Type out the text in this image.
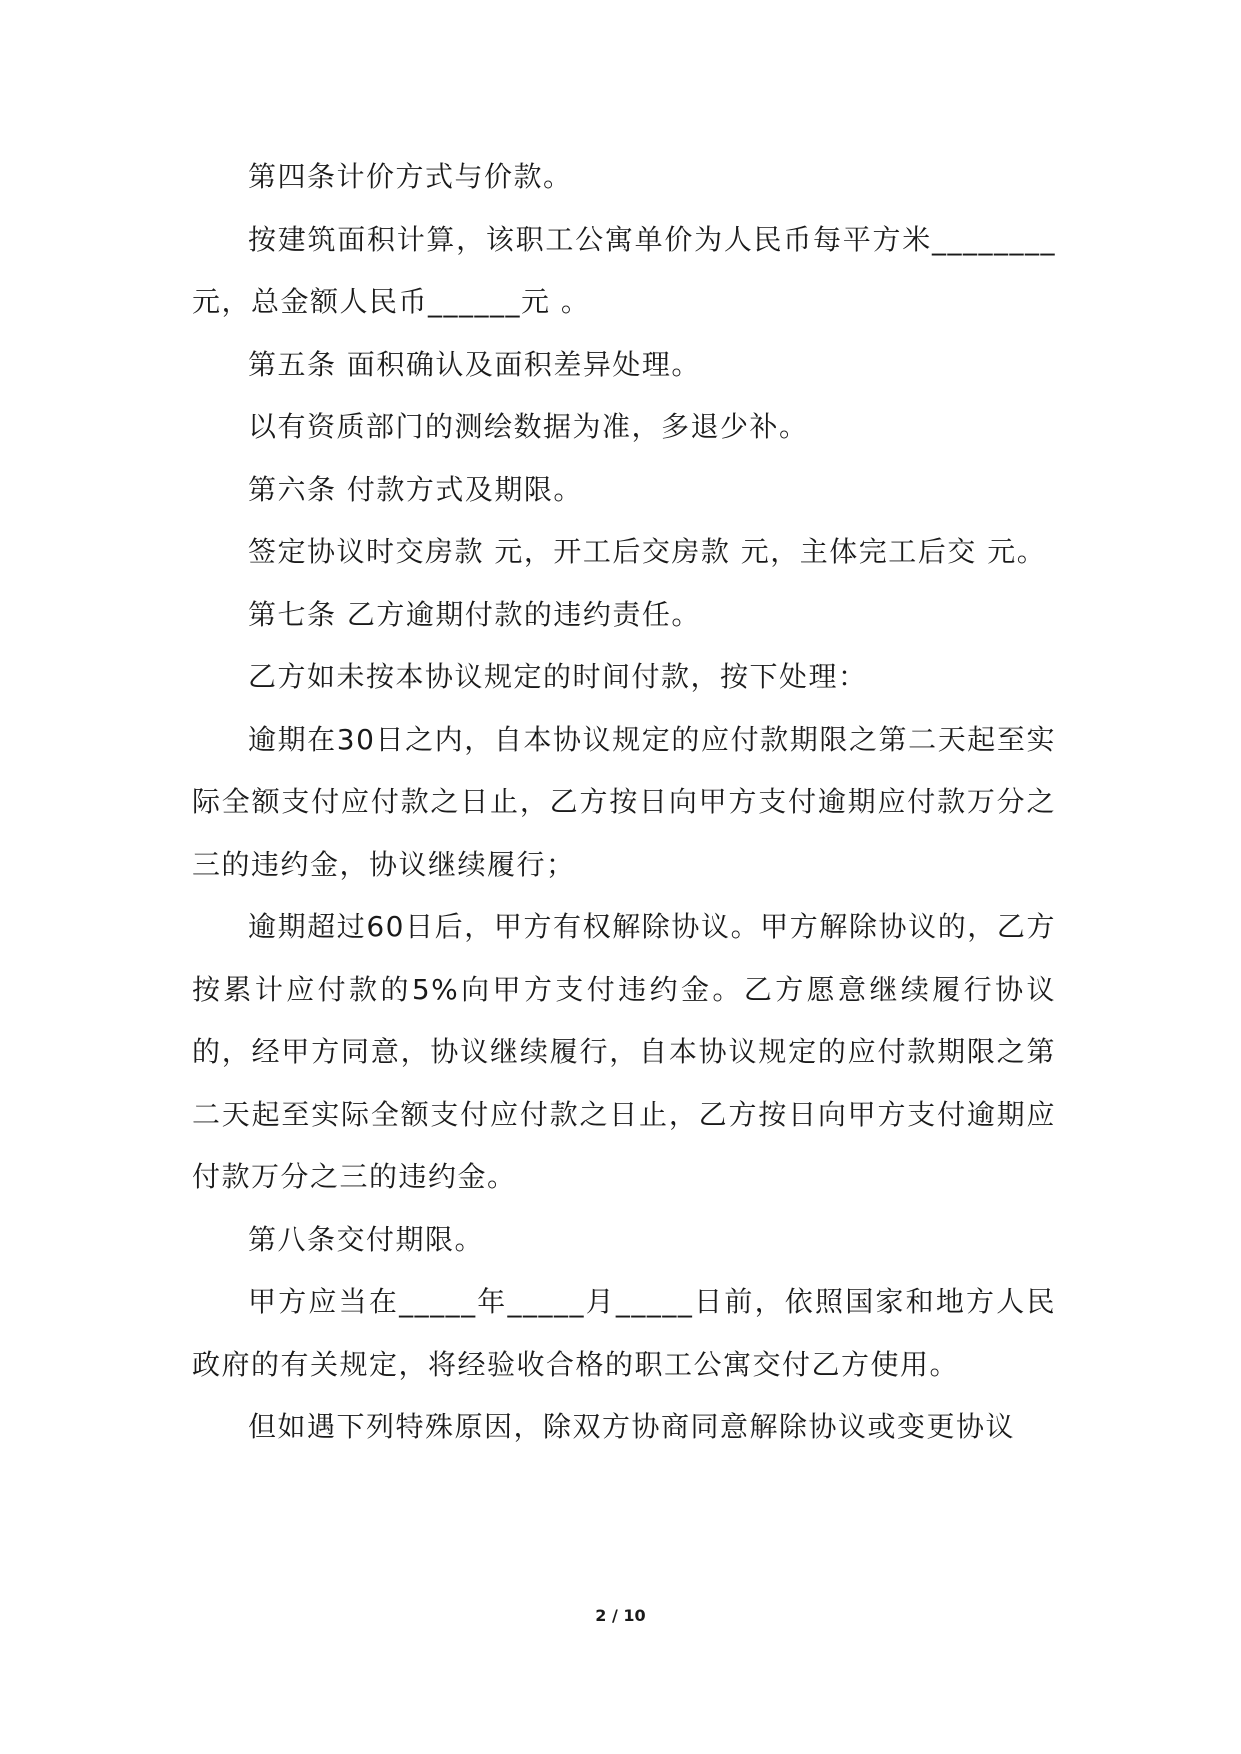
第四条计价方式与价款。

按建筑面积计算，该职工公寓单价为人民币每平方米________元，总金额人民币______元 。

第五条 面积确认及面积差异处理。

以有资质部门的测绘数据为准，多退少补。

第六条 付款方式及期限。

签定协议时交房款 元，开工后交房款 元，主体完工后交 元。

第七条 乙方逾期付款的违约责任。

乙方如未按本协议规定的时间付款，按下处理：

逾期在30日之内，自本协议规定的应付款期限之第二天起至实际全额支付应付款之日止，乙方按日向甲方支付逾期应付款万分之三的违约金，协议继续履行；

逾期超过60日后，甲方有权解除协议。甲方解除协议的，乙方按累计应付款的5%向甲方支付违约金。乙方愿意继续履行协议的，经甲方同意，协议继续履行，自本协议规定的应付款期限之第二天起至实际全额支付应付款之日止，乙方按日向甲方支付逾期应付款万分之三的违约金。

第八条交付期限。

甲方应当在_____年_____月_____日前，依照国家和地方人民政府的有关规定，将经验收合格的职工公寓交付乙方使用。

但如遇下列特殊原因，除双方协商同意解除协议或变更协议

2 / 10
